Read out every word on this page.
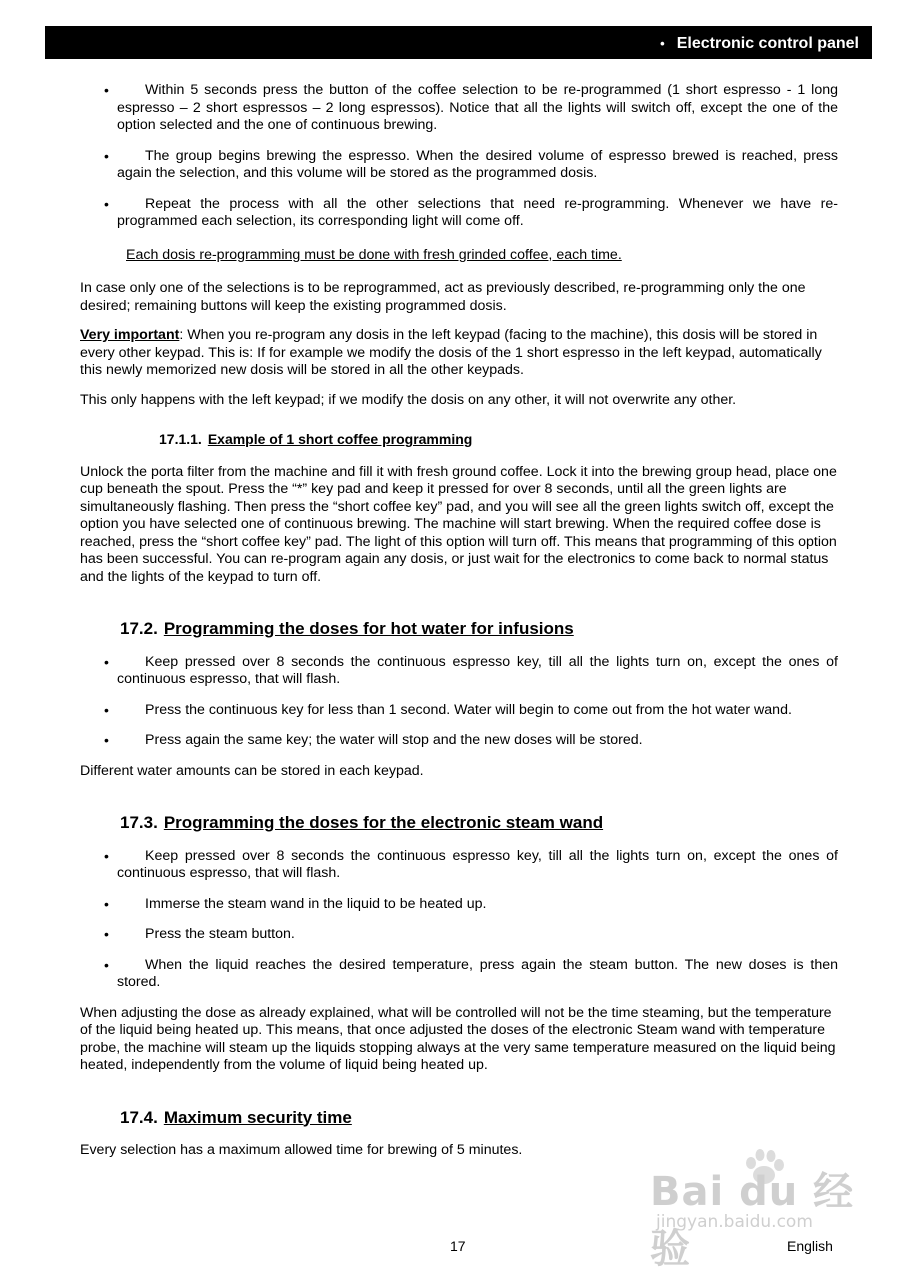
• Electronic control panel
• Within 5 seconds press the button of the coffee selection to be re-programmed (1 short espresso - 1 long espresso – 2 short espressos – 2 long espressos). Notice that all the lights will switch off, except the one of the option selected and the one of continuous brewing.
• The group begins brewing the espresso. When the desired volume of espresso brewed is reached, press again the selection, and this volume will be stored as the programmed dosis.
• Repeat the process with all the other selections that need re-programming. Whenever we have re-programmed each selection, its corresponding light will come off.
Each dosis re-programming must be done with fresh grinded coffee, each time.

In case only one of the selections is to be reprogrammed, act as previously described, re-programming only the one desired; remaining buttons will keep the existing programmed dosis.

Very important: When you re-program any dosis in the left keypad (facing to the machine), this dosis will be stored in every other keypad. This is: If for example we modify the dosis of the 1 short espresso in the left keypad, automatically this newly memorized new dosis will be stored in all the other keypads.

This only happens with the left keypad; if we modify the dosis on any other, it will not overwrite any other.

17.1.1. Example of 1 short coffee programming

Unlock the porta filter from the machine and fill it with fresh ground coffee. Lock it into the brewing group head, place one cup beneath the spout. Press the “*” key pad and keep it pressed for over 8 seconds, until all the green lights are simultaneously flashing. Then press the “short coffee key” pad, and you will see all the green lights switch off, except the option you have selected one of continuous brewing. The machine will start brewing. When the required coffee dose is reached, press the “short coffee key” pad. The light of this option will turn off. This means that programming of this option has been successful. You can re-program again any dosis, or just wait for the electronics to come back to normal status and the lights of the keypad to turn off.

17.2. Programming the doses for hot water for infusions
• Keep pressed over 8 seconds the continuous espresso key, till all the lights turn on, except the ones of continuous espresso, that will flash.
• Press the continuous key for less than 1 second. Water will begin to come out from the hot water wand.
• Press again the same key; the water will stop and the new doses will be stored.

Different water amounts can be stored in each keypad.

17.3. Programming the doses for the electronic steam wand
• Keep pressed over 8 seconds the continuous espresso key, till all the lights turn on, except the ones of continuous espresso, that will flash.
• Immerse the steam wand in the liquid to be heated up.
• Press the steam button.
• When the liquid reaches the desired temperature, press again the steam button. The new doses is then stored.

When adjusting the dose as already explained, what will be controlled will not be the time steaming, but the temperature of the liquid being heated up. This means, that once adjusted the doses of the electronic Steam wand with temperature probe, the machine will steam up the liquids stopping always at the very same temperature measured on the liquid being heated, independently from the volume of liquid being heated up.

17.4. Maximum security time

Every selection has a maximum allowed time for brewing of 5 minutes.

Bai du 经验
jingyan.baidu.com
17	English
